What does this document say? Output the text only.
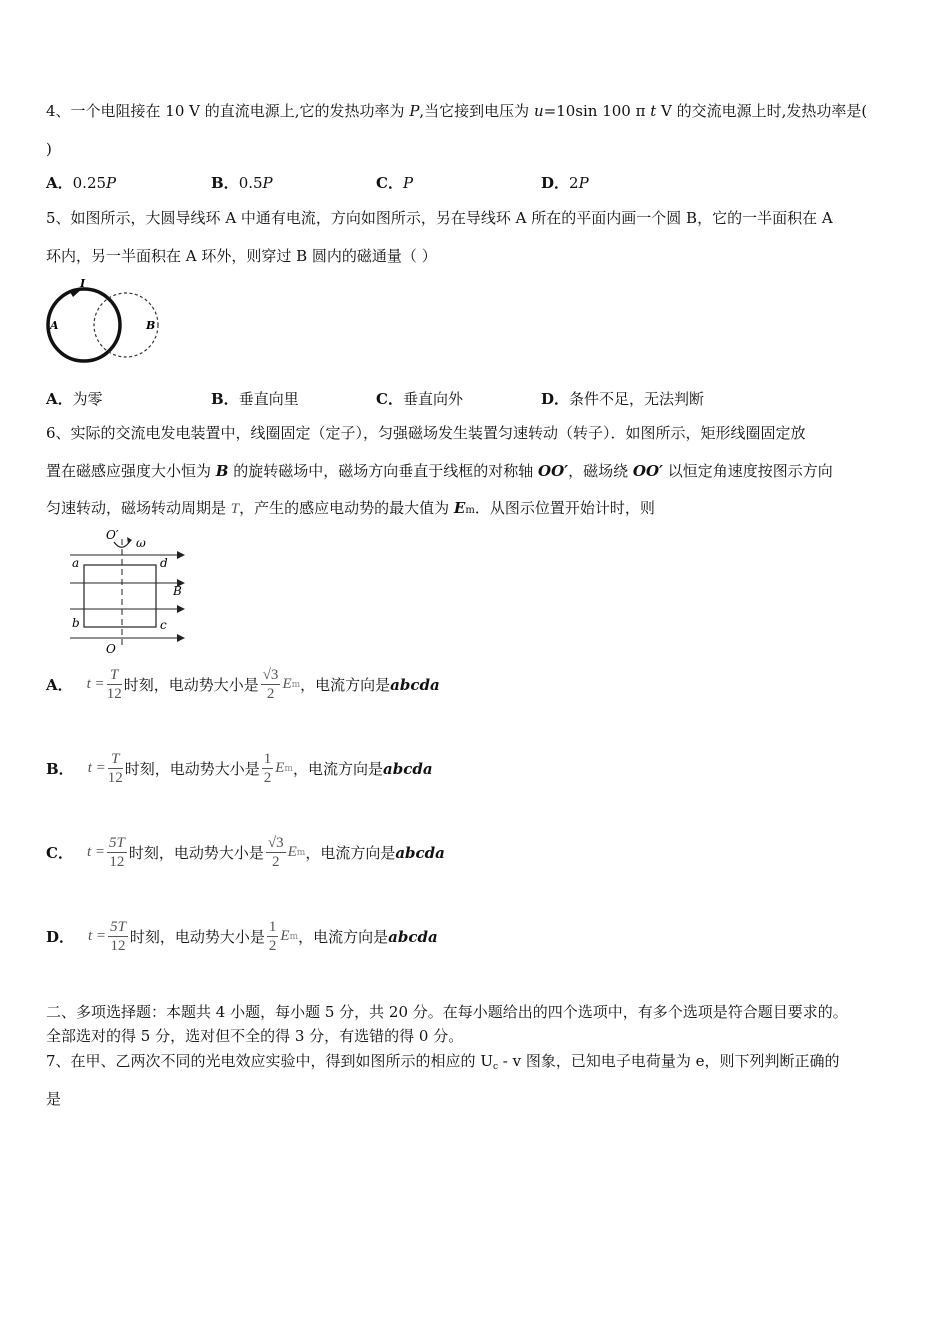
4、一个电阻接在 10 V 的直流电源上,它的发热功率为 P,当它接到电压为 u=10sin 100 π t V 的交流电源上时,发热功率是(
)
A．0.25P	B．0.5P	C．P	D．2P
5、如图所示，大圆导线环 A 中通有电流，方向如图所示，另在导线环 A 所在的平面内画一个圆 B，它的一半面积在 A
环内，另一半面积在 A 环外，则穿过 B 圆内的磁通量（ ）
I
A	B
A．为零	B．垂直向里	C．垂直向外	D．条件不足，无法判断
6、实际的交流电发电装置中，线圈固定（定子），匀强磁场发生装置匀速转动（转子）．如图所示，矩形线圈固定放
置在磁感应强度大小恒为 B 的旋转磁场中，磁场方向垂直于线框的对称轴 OO′，磁场绕 OO′ 以恒定角速度按图示方向
匀速转动，磁场转动周期是 T，产生的感应电动势的最大值为 Em．从图示位置开始计时，则
O′
ω
a	d
B
b	c
O
A． $t = \frac{T}{12}$ 时刻，电动势大小是 $\frac{√3}{2}$ E m ，电流方向是 abcda
B． $t = \frac{T}{12}$ 时刻，电动势大小是 $\frac{1}{2}$ E m ，电流方向是 abcda
C． $t = \frac{5T}{12}$ 时刻，电动势大小是 $\frac{√3}{2}$ E m ，电流方向是 abcda
D． $t = \frac{5T}{12}$ 时刻，电动势大小是 $\frac{1}{2}$ E m ，电流方向是 abcda
二、多项选择题：本题共 4 小题，每小题 5 分，共 20 分。在每小题给出的四个选项中，有多个选项是符合题目要求的。
全部选对的得 5 分，选对但不全的得 3 分，有选错的得 0 分。
7、在甲、乙两次不同的光电效应实验中，得到如图所示的相应的 $U_c$ - v 图象，已知电子电荷量为 e，则下列判断正确的
是
